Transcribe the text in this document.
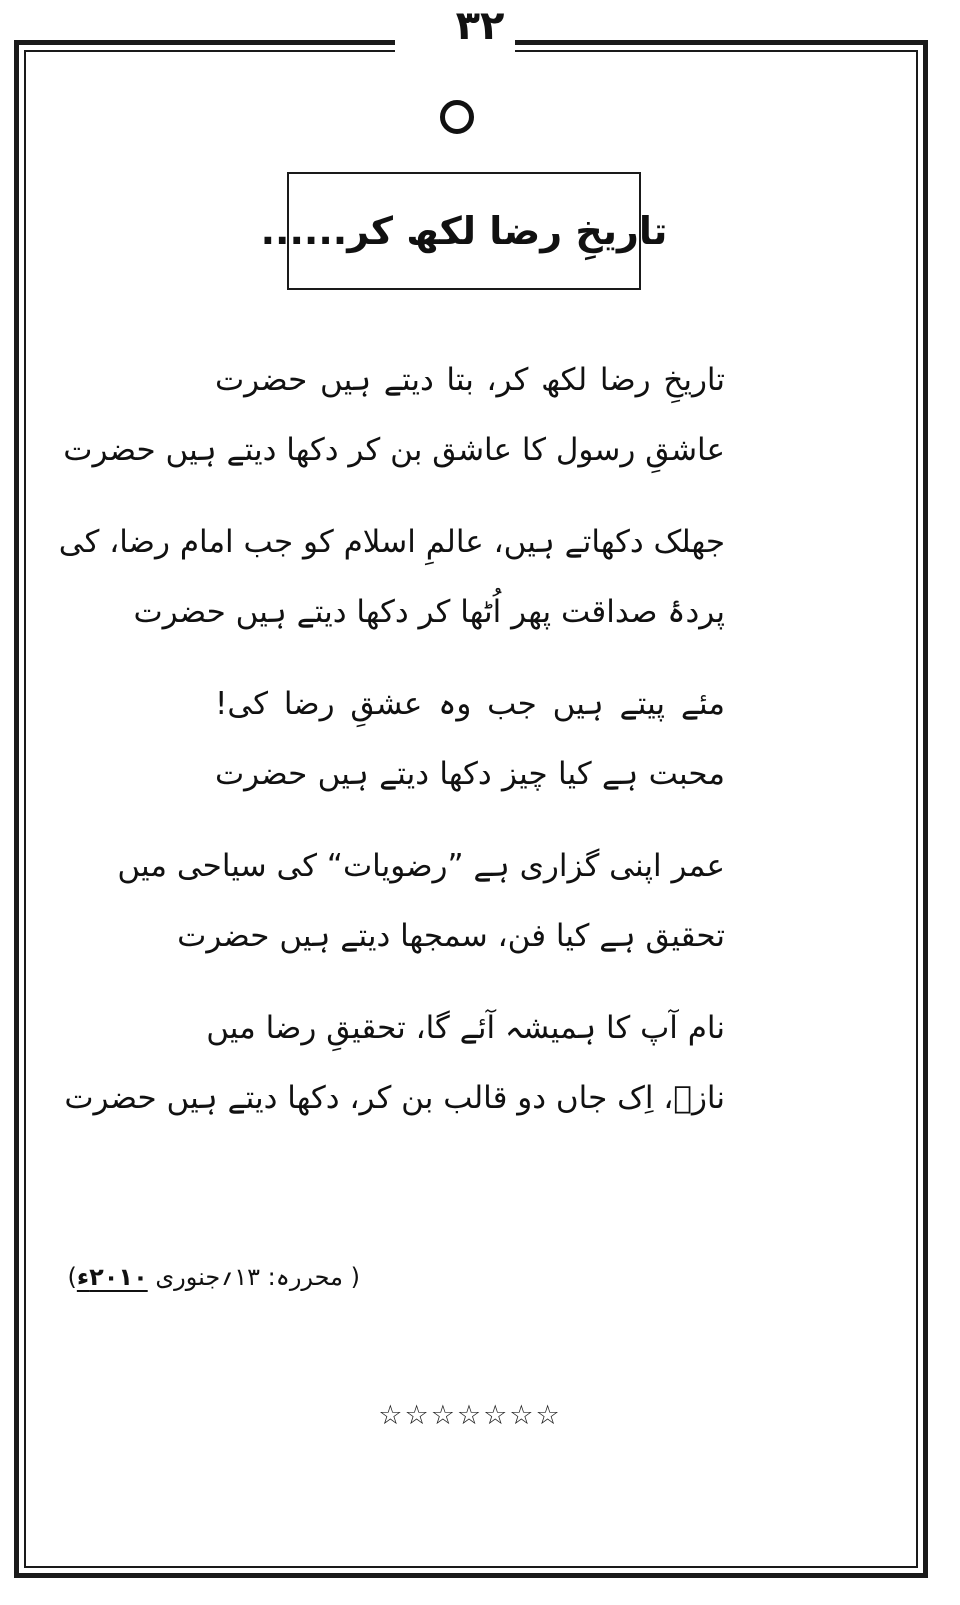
۳۲
تاریخِ رضا لکھ کر......
تاریخِ رضا لکھ کر، بتا دیتے ہیں حضرت
عاشقِ رسول کا عاشق بن کر دکھا دیتے ہیں حضرت
جھلک دکھاتے ہیں، عالمِ اسلام کو جب امام رضا، کی
پردۂ صداقت پھر اُٹھا کر دکھا دیتے ہیں حضرت
مئے پیتے ہیں جب وہ عشقِ رضا کی!
محبت ہے کیا چیز دکھا دیتے ہیں حضرت
عمر اپنی گزاری ہے ”رضویات“ کی سیاحی میں
تحقیق ہے کیا فن، سمجھا دیتے ہیں حضرت
نام آپ کا ہمیشہ آئے گا، تحقیقِ رضا میں
نازؔ، اِک جاں دو قالب بن کر، دکھا دیتے ہیں حضرت
( محررہ: ۱۳؍جنوری ۲۰۱۰ء)
☆☆☆☆☆☆☆
